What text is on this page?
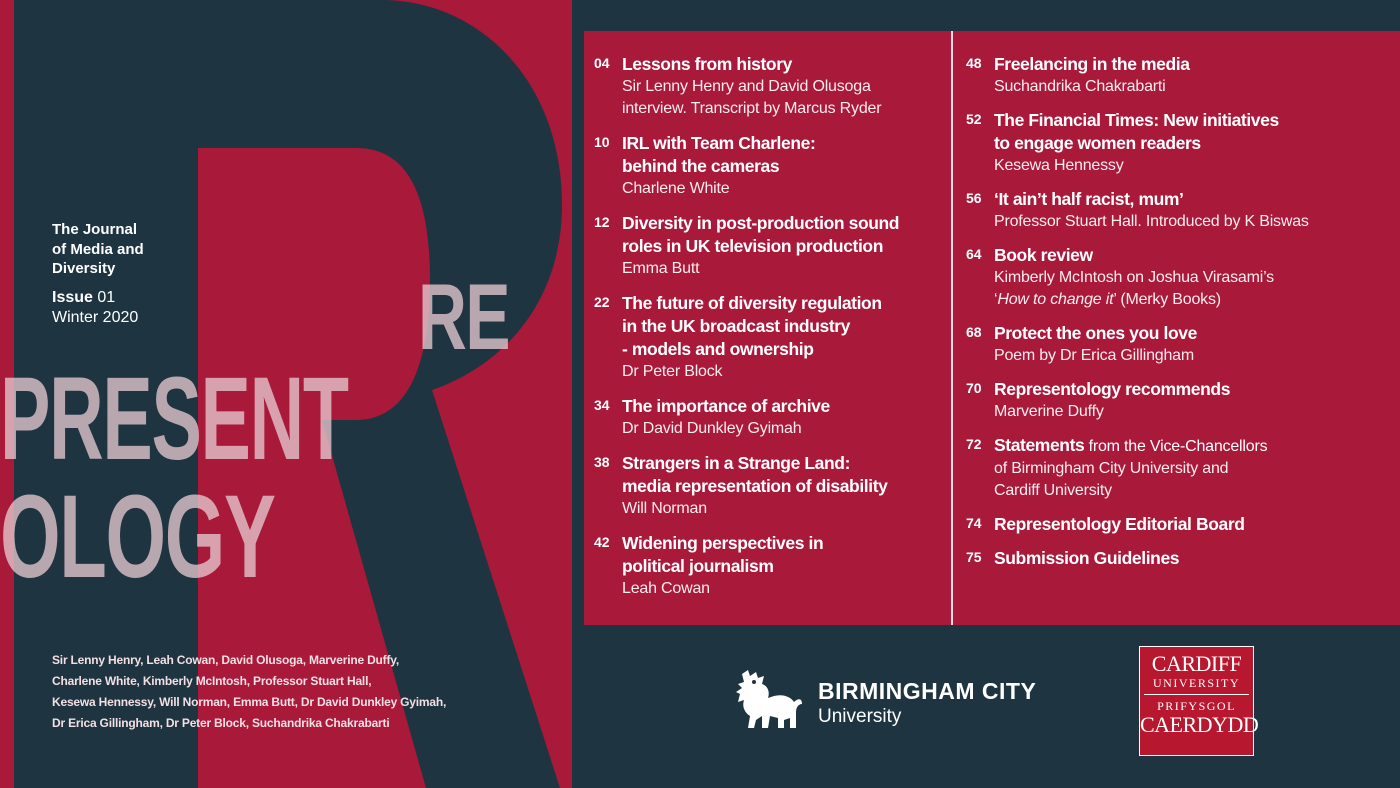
The Journal
of Media and
Diversity
Issue 01
Winter 2020	RE
PRESENT
OLOGY
Sir Lenny Henry, Leah Cowan, David Olusoga, Marverine Duffy,
Charlene White, Kimberly McIntosh, Professor Stuart Hall,
Kesewa Hennessy, Will Norman, Emma Butt, Dr David Dunkley Gyimah,
Dr Erica Gillingham, Dr Peter Block, Suchandrika Chakrabarti
04 Lessons from history
Sir Lenny Henry and David Olusoga
interview. Transcript by Marcus Ryder
10 IRL with Team Charlene:
behind the cameras
Charlene White
12 Diversity in post-production sound
roles in UK television production
Emma Butt
22 The future of diversity regulation
in the UK broadcast industry
- models and ownership
Dr Peter Block
34 The importance of archive
Dr David Dunkley Gyimah
38 Strangers in a Strange Land:
media representation of disability
Will Norman
42 Widening perspectives in
political journalism
Leah Cowan
48 Freelancing in the media
Suchandrika Chakrabarti
52 The Financial Times: New initiatives
to engage women readers
Kesewa Hennessy
56 ‘It ain’t half racist, mum’
Professor Stuart Hall. Introduced by K Biswas
64 Book review
Kimberly McIntosh on Joshua Virasami’s
‘How to change it’ (Merky Books)
68 Protect the ones you love
Poem by Dr Erica Gillingham
70 Representology recommends
Marverine Duffy
72 Statements from the Vice-Chancellors
of Birmingham City University and
Cardiff University
74 Representology Editorial Board
75 Submission Guidelines
BIRMINGHAM CITY
University
CARDIFF
UNIVERSITY
PRIFYSGOL
CAERDYDD
